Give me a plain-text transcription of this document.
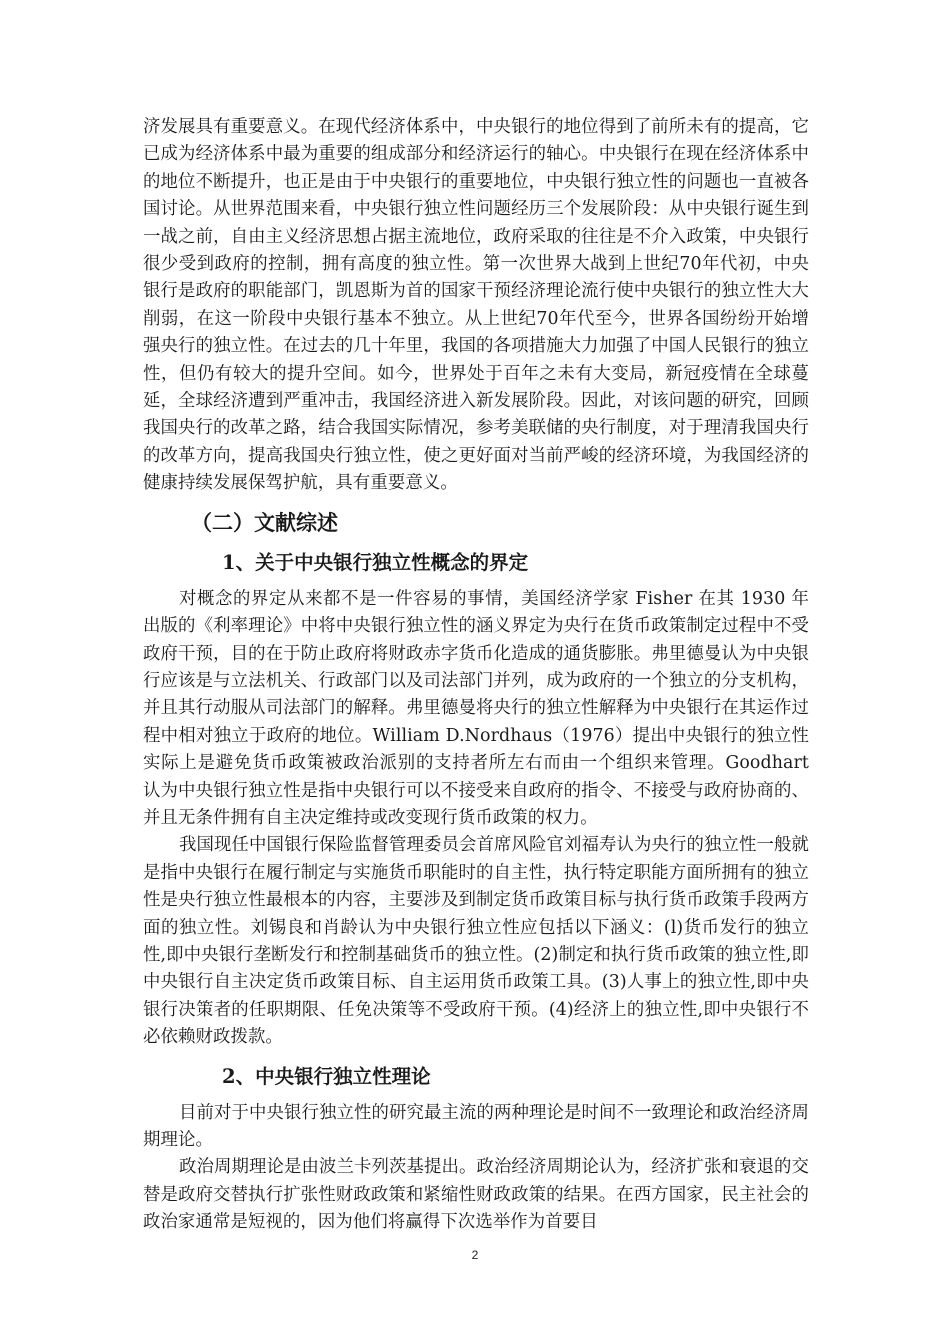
济发展具有重要意义。在现代经济体系中，中央银行的地位得到了前所未有的提高，它已成为经济体系中最为重要的组成部分和经济运行的轴心。中央银行在现在经济体系中的地位不断提升，也正是由于中央银行的重要地位，中央银行独立性的问题也一直被各国讨论。从世界范围来看，中央银行独立性问题经历三个发展阶段：从中央银行诞生到一战之前，自由主义经济思想占据主流地位，政府采取的往往是不介入政策，中央银行很少受到政府的控制，拥有高度的独立性。第一次世界大战到上世纪70年代初，中央银行是政府的职能部门，凯恩斯为首的国家干预经济理论流行使中央银行的独立性大大削弱，在这一阶段中央银行基本不独立。从上世纪70年代至今，世界各国纷纷开始增强央行的独立性。在过去的几十年里，我国的各项措施大力加强了中国人民银行的独立性，但仍有较大的提升空间。如今，世界处于百年之未有大变局，新冠疫情在全球蔓延，全球经济遭到严重冲击，我国经济进入新发展阶段。因此，对该问题的研究，回顾我国央行的改革之路，结合我国实际情况，参考美联储的央行制度，对于理清我国央行的改革方向，提高我国央行独立性，使之更好面对当前严峻的经济环境，为我国经济的健康持续发展保驾护航，具有重要意义。

（二）文献综述
1、关于中央银行独立性概念的界定

对概念的界定从来都不是一件容易的事情，美国经济学家 Fisher 在其 1930 年出版的《利率理论》中将中央银行独立性的涵义界定为央行在货币政策制定过程中不受政府干预，目的在于防止政府将财政赤字货币化造成的通货膨胀。弗里德曼认为中央银行应该是与立法机关、行政部门以及司法部门并列，成为政府的一个独立的分支机构，并且其行动服从司法部门的解释。弗里德曼将央行的独立性解释为中央银行在其运作过程中相对独立于政府的地位。William D.Nordhaus（1976）提出中央银行的独立性实际上是避免货币政策被政治派别的支持者所左右而由一个组织来管理。Goodhart 认为中央银行独立性是指中央银行可以不接受来自政府的指令、不接受与政府协商的、并且无条件拥有自主决定维持或改变现行货币政策的权力。

我国现任中国银行保险监督管理委员会首席风险官刘福寿认为央行的独立性一般就是指中央银行在履行制定与实施货币职能时的自主性，执行特定职能方面所拥有的独立性是央行独立性最根本的内容，主要涉及到制定货币政策目标与执行货币政策手段两方面的独立性。刘锡良和肖龄认为中央银行独立性应包括以下涵义：(l)货币发行的独立性,即中央银行垄断发行和控制基础货币的独立性。(2)制定和执行货币政策的独立性,即中央银行自主决定货币政策目标、自主运用货币政策工具。(3)人事上的独立性,即中央银行决策者的任职期限、任免决策等不受政府干预。(4)经济上的独立性,即中央银行不必依赖财政拨款。

2、中央银行独立性理论

目前对于中央银行独立性的研究最主流的两种理论是时间不一致理论和政治经济周期理论。

政治周期理论是由波兰卡列茨基提出。政治经济周期论认为，经济扩张和衰退的交替是政府交替执行扩张性财政政策和紧缩性财政政策的结果。在西方国家，民主社会的政治家通常是短视的，因为他们将赢得下次选举作为首要目

2
